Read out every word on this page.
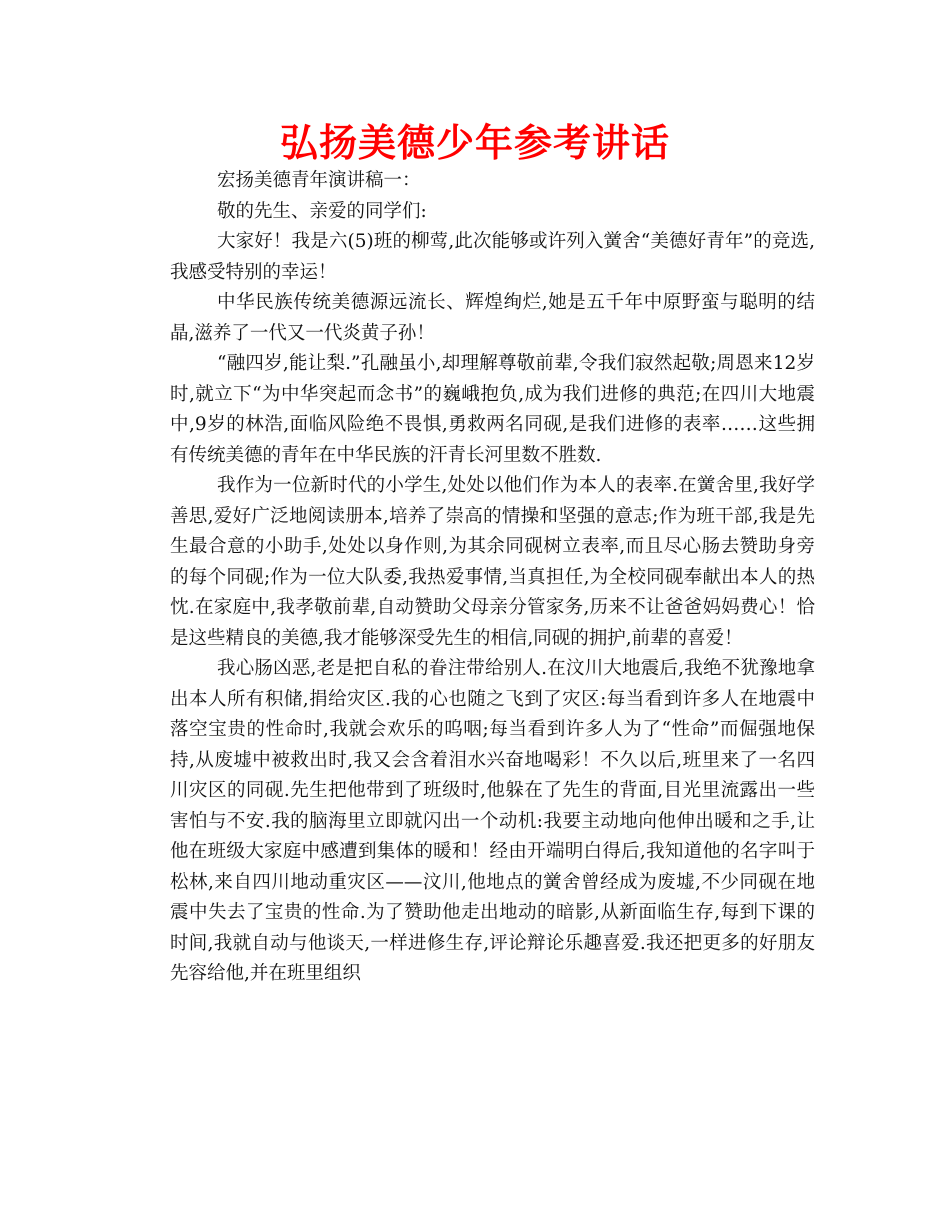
弘扬美德少年参考讲话

宏扬美德青年演讲稿一：

敬的先生、亲爱的同学们:

大家好！我是六(5)班的柳莺,此次能够或许列入黉舍“美德好青年”的竞选,我感受特别的幸运！

中华民族传统美德源远流长、辉煌绚烂,她是五千年中原野蛮与聪明的结晶,滋养了一代又一代炎黄子孙！

“融四岁,能让梨.”孔融虽小,却理解尊敬前辈,令我们寂然起敬;周恩来12岁时,就立下“为中华突起而念书”的巍峨抱负,成为我们进修的典范;在四川大地震中,9岁的林浩,面临风险绝不畏惧,勇救两名同砚,是我们进修的表率……这些拥有传统美德的青年在中华民族的汗青长河里数不胜数.

我作为一位新时代的小学生,处处以他们作为本人的表率.在黉舍里,我好学善思,爱好广泛地阅读册本,培养了崇高的情操和坚强的意志;作为班干部,我是先生最合意的小助手,处处以身作则,为其余同砚树立表率,而且尽心肠去赞助身旁的每个同砚;作为一位大队委,我热爱事情,当真担任,为全校同砚奉献出本人的热忱.在家庭中,我孝敬前辈,自动赞助父母亲分管家务,历来不让爸爸妈妈费心！恰是这些精良的美德,我才能够深受先生的相信,同砚的拥护,前辈的喜爱！

我心肠凶恶,老是把自私的眷注带给别人.在汶川大地震后,我绝不犹豫地拿出本人所有积储,捐给灾区.我的心也随之飞到了灾区:每当看到许多人在地震中落空宝贵的性命时,我就会欢乐的呜咽;每当看到许多人为了“性命”而倔强地保持,从废墟中被救出时,我又会含着泪水兴奋地喝彩！不久以后,班里来了一名四川灾区的同砚.先生把他带到了班级时,他躲在了先生的背面,目光里流露出一些害怕与不安.我的脑海里立即就闪出一个动机:我要主动地向他伸出暖和之手,让他在班级大家庭中感遭到集体的暖和！经由开端明白得后,我知道他的名字叫于松林,来自四川地动重灾区——汶川,他地点的黉舍曾经成为废墟,不少同砚在地震中失去了宝贵的性命.为了赞助他走出地动的暗影,从新面临生存,每到下课的时间,我就自动与他谈天,一样进修生存,评论辩论乐趣喜爱.我还把更多的好朋友先容给他,并在班里组织
